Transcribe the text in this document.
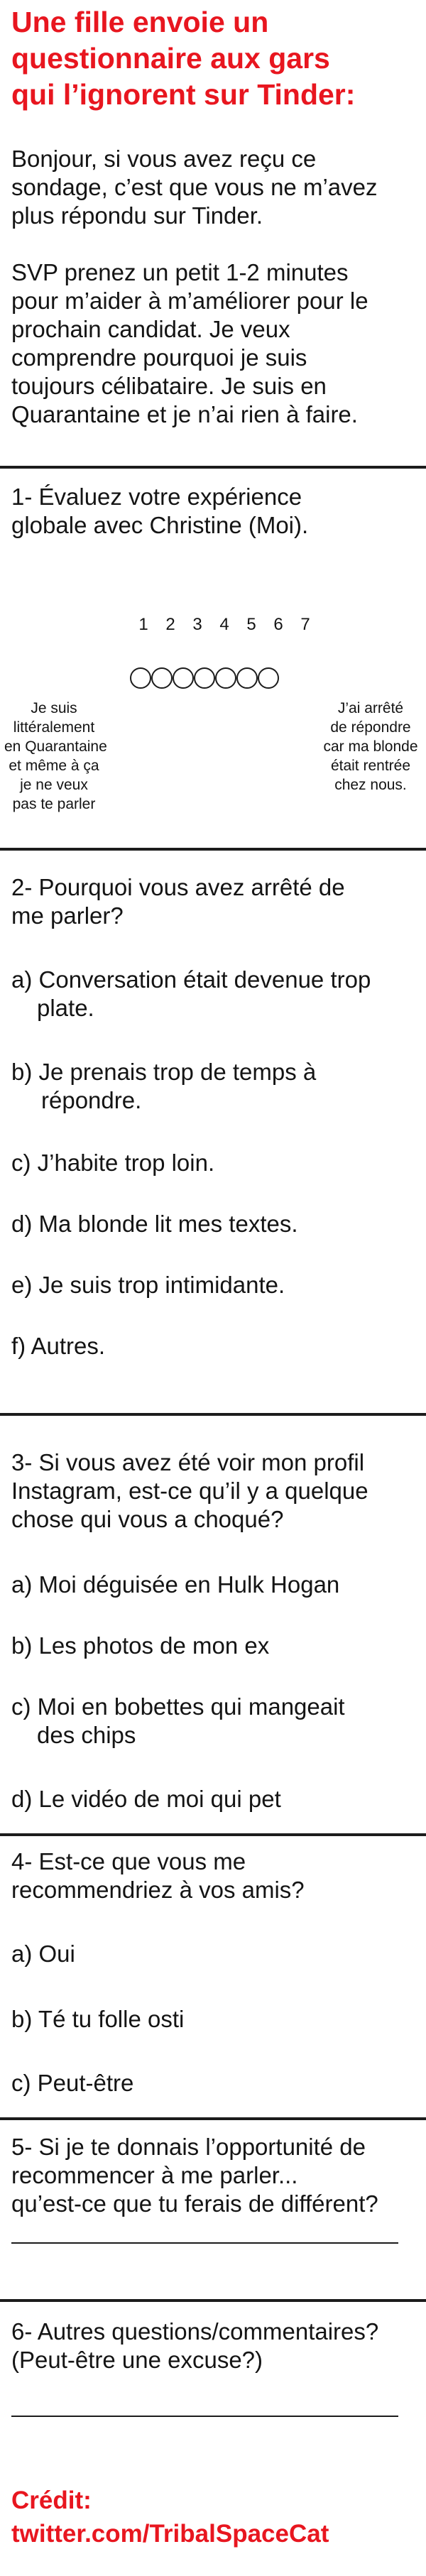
Une fille envoie un
questionnaire aux gars
qui l’ignorent sur Tinder:

Bonjour, si vous avez reçu ce

sondage, c’est que vous ne m’avez

plus répondu sur Tinder.

SVP prenez un petit 1-2 minutes

pour m’aider à m’améliorer pour le

prochain candidat. Je veux

comprendre pourquoi je suis

toujours célibataire. Je suis en

Quarantaine et je n’ai rien à faire.

1- Évaluez votre expérience
globale avec Christine (Moi).
1	2	3	4	5	6	7
Je suis
littéralement
en Quarantaine
et même à ça
je ne veux
pas te parler
J’ai arrêté
de répondre
car ma blonde
était rentrée
chez nous.
2- Pourquoi vous avez arrêté de
me parler?
a) Conversation était devenue trop
plate.
b) Je prenais trop de temps à
répondre.
c) J’habite trop loin.
d) Ma blonde lit mes textes.
e) Je suis trop intimidante.
f) Autres.
3- Si vous avez été voir mon profil
Instagram, est-ce qu’il y a quelque
chose qui vous a choqué?
a) Moi déguisée en Hulk Hogan
b) Les photos de mon ex
c) Moi en bobettes qui mangeait
des chips
d) Le vidéo de moi qui pet
4- Est-ce que vous me
recommendriez à vos amis?
a) Oui
b) Té tu folle osti
c) Peut-être
5- Si je te donnais l’opportunité de
recommencer à me parler...
qu’est-ce que tu ferais de différent?
6- Autres questions/commentaires?
(Peut-être une excuse?)
Crédit:
twitter.com/TribalSpaceCat
